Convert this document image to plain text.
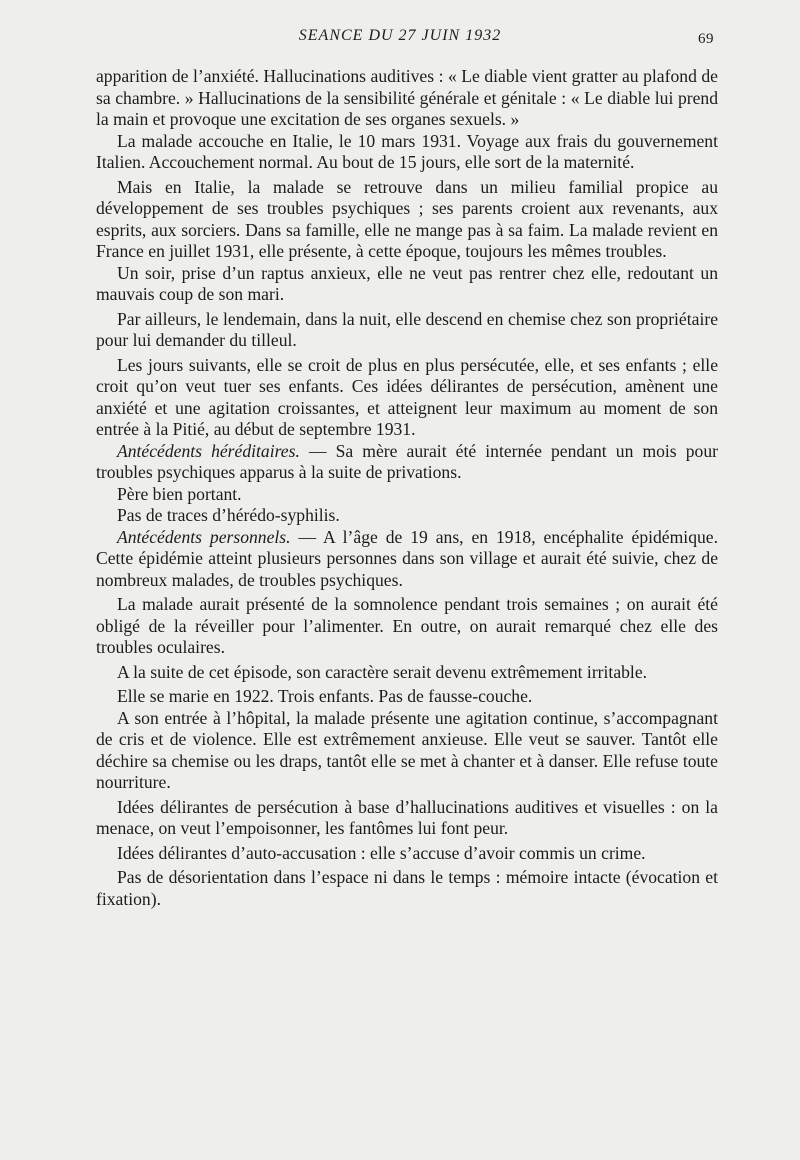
SEANCE DU 27 JUIN 1932	69

apparition de l’anxiété. Hallucinations auditives : « Le diable vient gratter au plafond de sa chambre. » Hallucinations de la sensibilité générale et génitale : « Le diable lui prend la main et provoque une excitation de ses organes sexuels. »

La malade accouche en Italie, le 10 mars 1931. Voyage aux frais du gouvernement Italien. Accouchement normal. Au bout de 15 jours, elle sort de la maternité.

Mais en Italie, la malade se retrouve dans un milieu familial propice au développement de ses troubles psychiques ; ses parents croient aux revenants, aux esprits, aux sorciers. Dans sa famille, elle ne mange pas à sa faim. La malade revient en France en juillet 1931, elle présente, à cette époque, toujours les mêmes troubles.

Un soir, prise d’un raptus anxieux, elle ne veut pas rentrer chez elle, redoutant un mauvais coup de son mari.

Par ailleurs, le lendemain, dans la nuit, elle descend en chemise chez son propriétaire pour lui demander du tilleul.

Les jours suivants, elle se croit de plus en plus persécutée, elle, et ses enfants ; elle croit qu’on veut tuer ses enfants. Ces idées délirantes de persécution, amènent une anxiété et une agitation croissantes, et atteignent leur maximum au moment de son entrée à la Pitié, au début de septembre 1931.

Antécédents héréditaires. — Sa mère aurait été internée pendant un mois pour troubles psychiques apparus à la suite de privations.

Père bien portant.

Pas de traces d’hérédo-syphilis.

Antécédents personnels. — A l’âge de 19 ans, en 1918, encéphalite épidémique. Cette épidémie atteint plusieurs personnes dans son village et aurait été suivie, chez de nombreux malades, de troubles psychiques.

La malade aurait présenté de la somnolence pendant trois semaines ; on aurait été obligé de la réveiller pour l’alimenter. En outre, on aurait remarqué chez elle des troubles oculaires.

A la suite de cet épisode, son caractère serait devenu extrêmement irritable.

Elle se marie en 1922. Trois enfants. Pas de fausse-couche.

A son entrée à l’hôpital, la malade présente une agitation continue, s’accompagnant de cris et de violence. Elle est extrêmement anxieuse. Elle veut se sauver. Tantôt elle déchire sa chemise ou les draps, tantôt elle se met à chanter et à danser. Elle refuse toute nourriture.

Idées délirantes de persécution à base d’hallucinations auditives et visuelles : on la menace, on veut l’empoisonner, les fantômes lui font peur.

Idées délirantes d’auto-accusation : elle s’accuse d’avoir commis un crime.

Pas de désorientation dans l’espace ni dans le temps : mémoire intacte (évocation et fixation).
